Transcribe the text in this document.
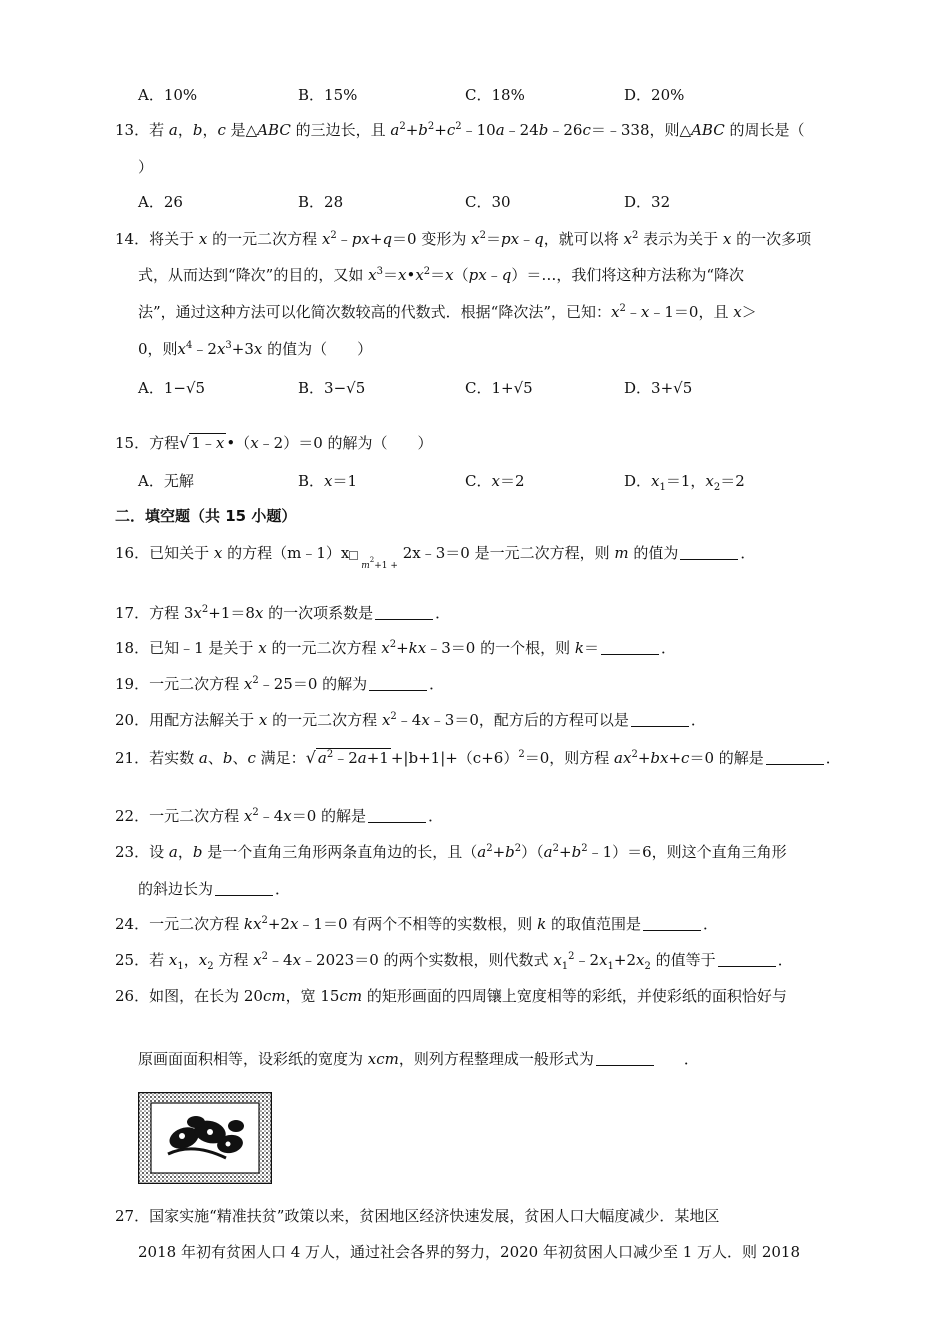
A．10%	B．15%	C．18%	D．20%
13．若 a，b，c 是△ABC 的三边长，且 $a^2+b^2+c^2﹣10a﹣24b﹣26c=﹣338$，则△ABC 的周长是（
）
A．26	B．28	C．30	D．32
14．将关于 x 的一元二次方程 $x^2﹣px+q=0$ 变形为 $x^2=px﹣q$，就可以将 $x^2$ 表示为关于 x 的一次多项
式，从而达到“降次”的目的，又如 $x^3=x•x^2=x(px﹣q)=\dots$，我们将这种方法称为“降次
法”，通过这种方法可以化简次数较高的代数式．根据“降次法”，已知：$x^2﹣x﹣1=0$，且 x＞
0，则$x^4﹣2x^3+3x$ 的值为（　　）
A．1−√5	B．3−√5	C．1+√5	D．3+√5
15．方程√ 1﹣x •（x﹣2）＝0 的解为（　　）
A．无解	B．x＝1	C．x＝2	D．$x_1=1$，$x_2=2$
二．填空题（共 15 小题）
16．已知关于 x 的方程（m﹣1）x $_{m^2+1 +}$ 2x﹣3＝0 是一元二次方程，则 m 的值为	．
17．方程 $3x^2+1=8x$ 的一次项系数是	．
18．已知﹣1 是关于 x 的一元二次方程 $x^2+kx﹣3=0$ 的一个根，则 k＝	．
19．一元二次方程 $x^2﹣25=0$ 的解为	．
20．用配方法解关于 x 的一元二次方程 $x^2﹣4x﹣3=0$，配方后的方程可以是	．
21．若实数 a、b、c 满足：√ $a^2﹣2a+1 +|b+1|+(c+6)^2=0$，则方程 $ax^2+bx+c=0$ 的解是	．
22．一元二次方程 $x^2﹣4x=0$ 的解是	．
23．设 a，b 是一个直角三角形两条直角边的长，且$(a^2+b^2)(a^2+b^2﹣1)=6$，则这个直角三角形
的斜边长为	．
24．一元二次方程 $kx^2+2x﹣1=0$ 有两个不相等的实数根，则 k 的取值范围是	．
25．若 $x_1$，$x_2$ 方程 $x^2﹣4x﹣2023=0$ 的两个实数根，则代数式 $x_1^2﹣2x_1+2x_2$ 的值等于	．
26．如图，在长为 20cm，宽 15cm 的矩形画面的四周镶上宽度相等的彩纸，并使彩纸的面积恰好与
原画面面积相等，设彩纸的宽度为 xcm，则列方程整理成一般形式为	．
27．国家实施“精准扶贫”政策以来，贫困地区经济快速发展，贫困人口大幅度减少．某地区
2018 年初有贫困人口 4 万人，通过社会各界的努力，2020 年初贫困人口减少至 1 万人．则 2018
